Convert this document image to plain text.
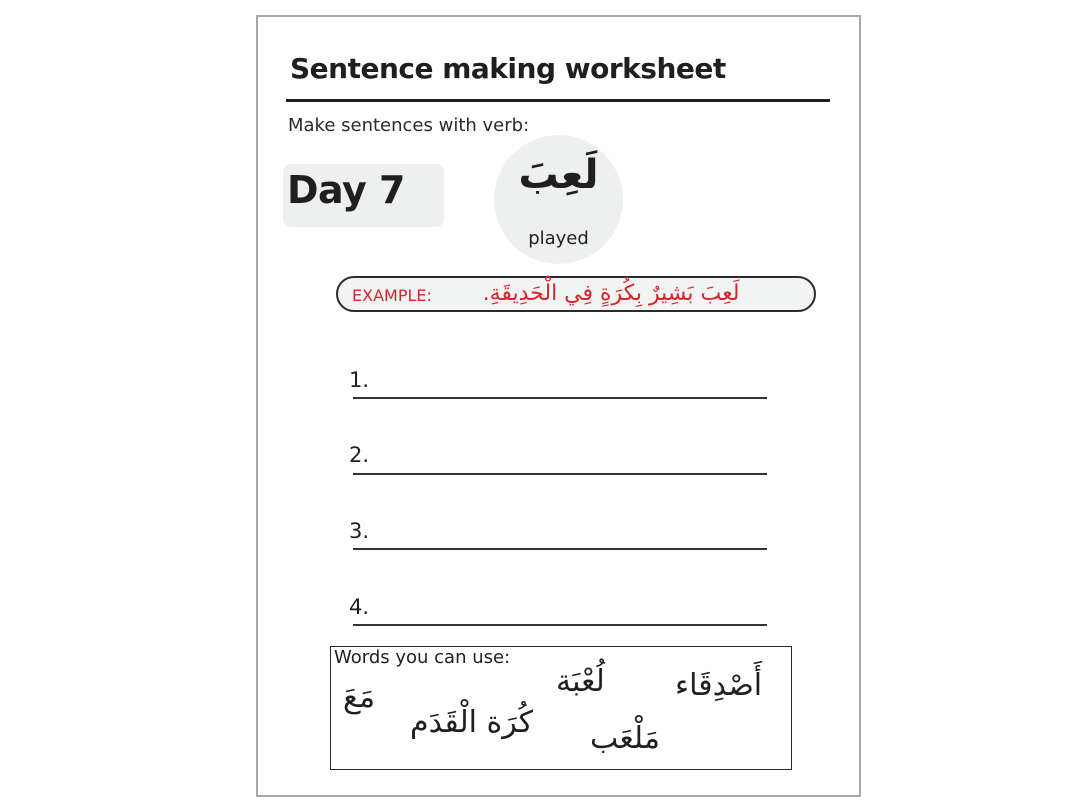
Sentence making worksheet
Make sentences with verb:
Day 7	لَعِبَ
played
EXAMPLE:	لَعِبَ بَشِيرٌ بِكُرَةٍ فِي الْحَدِيقَةِ.
1.
2.
3.
4.
Words you can use:
لُعْبَة أَصْدِقَاء
مَعَ
كُرَة الْقَدَم مَلْعَب
